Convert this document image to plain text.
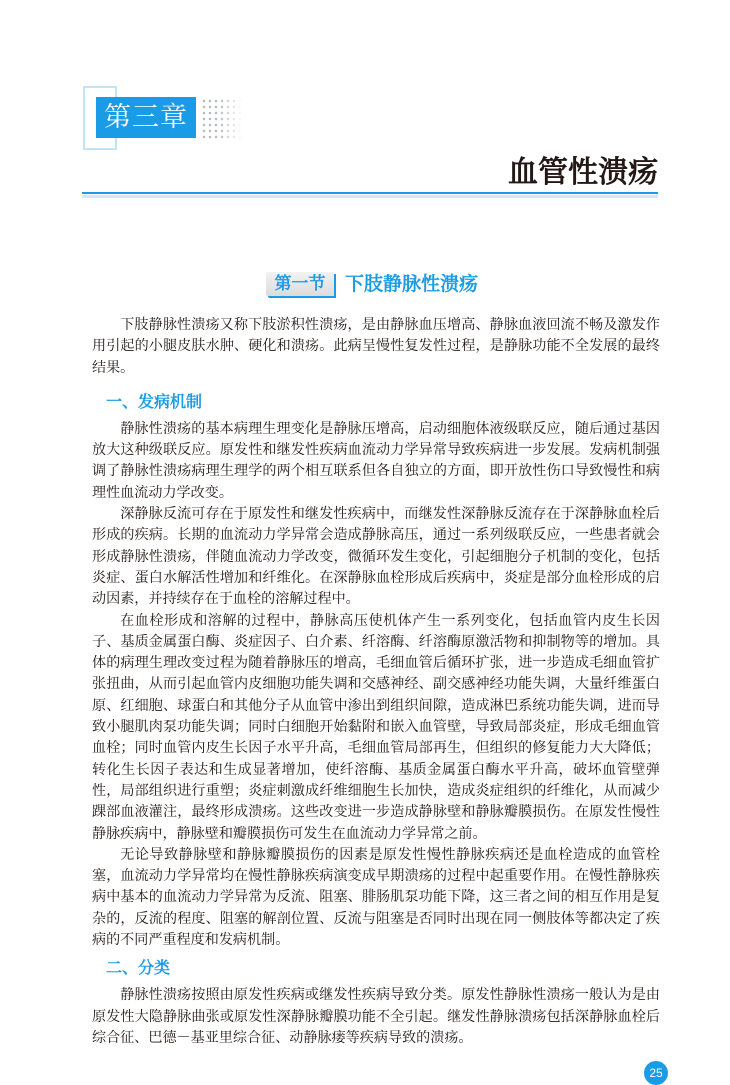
第三章
血管性溃疡
第一节	下肢静脉性溃疡

下肢静脉性溃疡又称下肢淤积性溃疡，是由静脉血压增高、静脉血液回流不畅及激发作用引起的小腿皮肤水肿、硬化和溃疡。此病呈慢性复发性过程，是静脉功能不全发展的最终结果。

一、发病机制

静脉性溃疡的基本病理生理变化是静脉压增高，启动细胞体液级联反应，随后通过基因放大这种级联反应。原发性和继发性疾病血流动力学异常导致疾病进一步发展。发病机制强调了静脉性溃疡病理生理学的两个相互联系但各自独立的方面，即开放性伤口导致慢性和病理性血流动力学改变。

深静脉反流可存在于原发性和继发性疾病中，而继发性深静脉反流存在于深静脉血栓后形成的疾病。长期的血流动力学异常会造成静脉高压，通过一系列级联反应，一些患者就会形成静脉性溃疡，伴随血流动力学改变，微循环发生变化，引起细胞分子机制的变化，包括炎症、蛋白水解活性增加和纤维化。在深静脉血栓形成后疾病中，炎症是部分血栓形成的启动因素，并持续存在于血栓的溶解过程中。

在血栓形成和溶解的过程中，静脉高压使机体产生一系列变化，包括血管内皮生长因子、基质金属蛋白酶、炎症因子、白介素、纤溶酶、纤溶酶原激活物和抑制物等的增加。具体的病理生理改变过程为随着静脉压的增高，毛细血管后循环扩张，进一步造成毛细血管扩张扭曲，从而引起血管内皮细胞功能失调和交感神经、副交感神经功能失调，大量纤维蛋白原、红细胞、球蛋白和其他分子从血管中渗出到组织间隙，造成淋巴系统功能失调，进而导致小腿肌肉泵功能失调；同时白细胞开始黏附和嵌入血管壁，导致局部炎症，形成毛细血管血栓；同时血管内皮生长因子水平升高，毛细血管局部再生，但组织的修复能力大大降低；转化生长因子表达和生成显著增加，使纤溶酶、基质金属蛋白酶水平升高，破坏血管壁弹性，局部组织进行重塑；炎症刺激成纤维细胞生长加快，造成炎症组织的纤维化，从而减少踝部血液灌注，最终形成溃疡。这些改变进一步造成静脉壁和静脉瓣膜损伤。在原发性慢性静脉疾病中，静脉壁和瓣膜损伤可发生在血流动力学异常之前。

无论导致静脉壁和静脉瓣膜损伤的因素是原发性慢性静脉疾病还是血栓造成的血管栓塞，血流动力学异常均在慢性静脉疾病演变成早期溃疡的过程中起重要作用。在慢性静脉疾病中基本的血流动力学异常为反流、阻塞、腓肠肌泵功能下降，这三者之间的相互作用是复杂的，反流的程度、阻塞的解剖位置、反流与阻塞是否同时出现在同一侧肢体等都决定了疾病的不同严重程度和发病机制。

二、分类

静脉性溃疡按照由原发性疾病或继发性疾病导致分类。原发性静脉性溃疡一般认为是由原发性大隐静脉曲张或原发性深静脉瓣膜功能不全引起。继发性静脉溃疡包括深静脉血栓后综合征、巴德－基亚里综合征、动静脉瘘等疾病导致的溃疡。

25
